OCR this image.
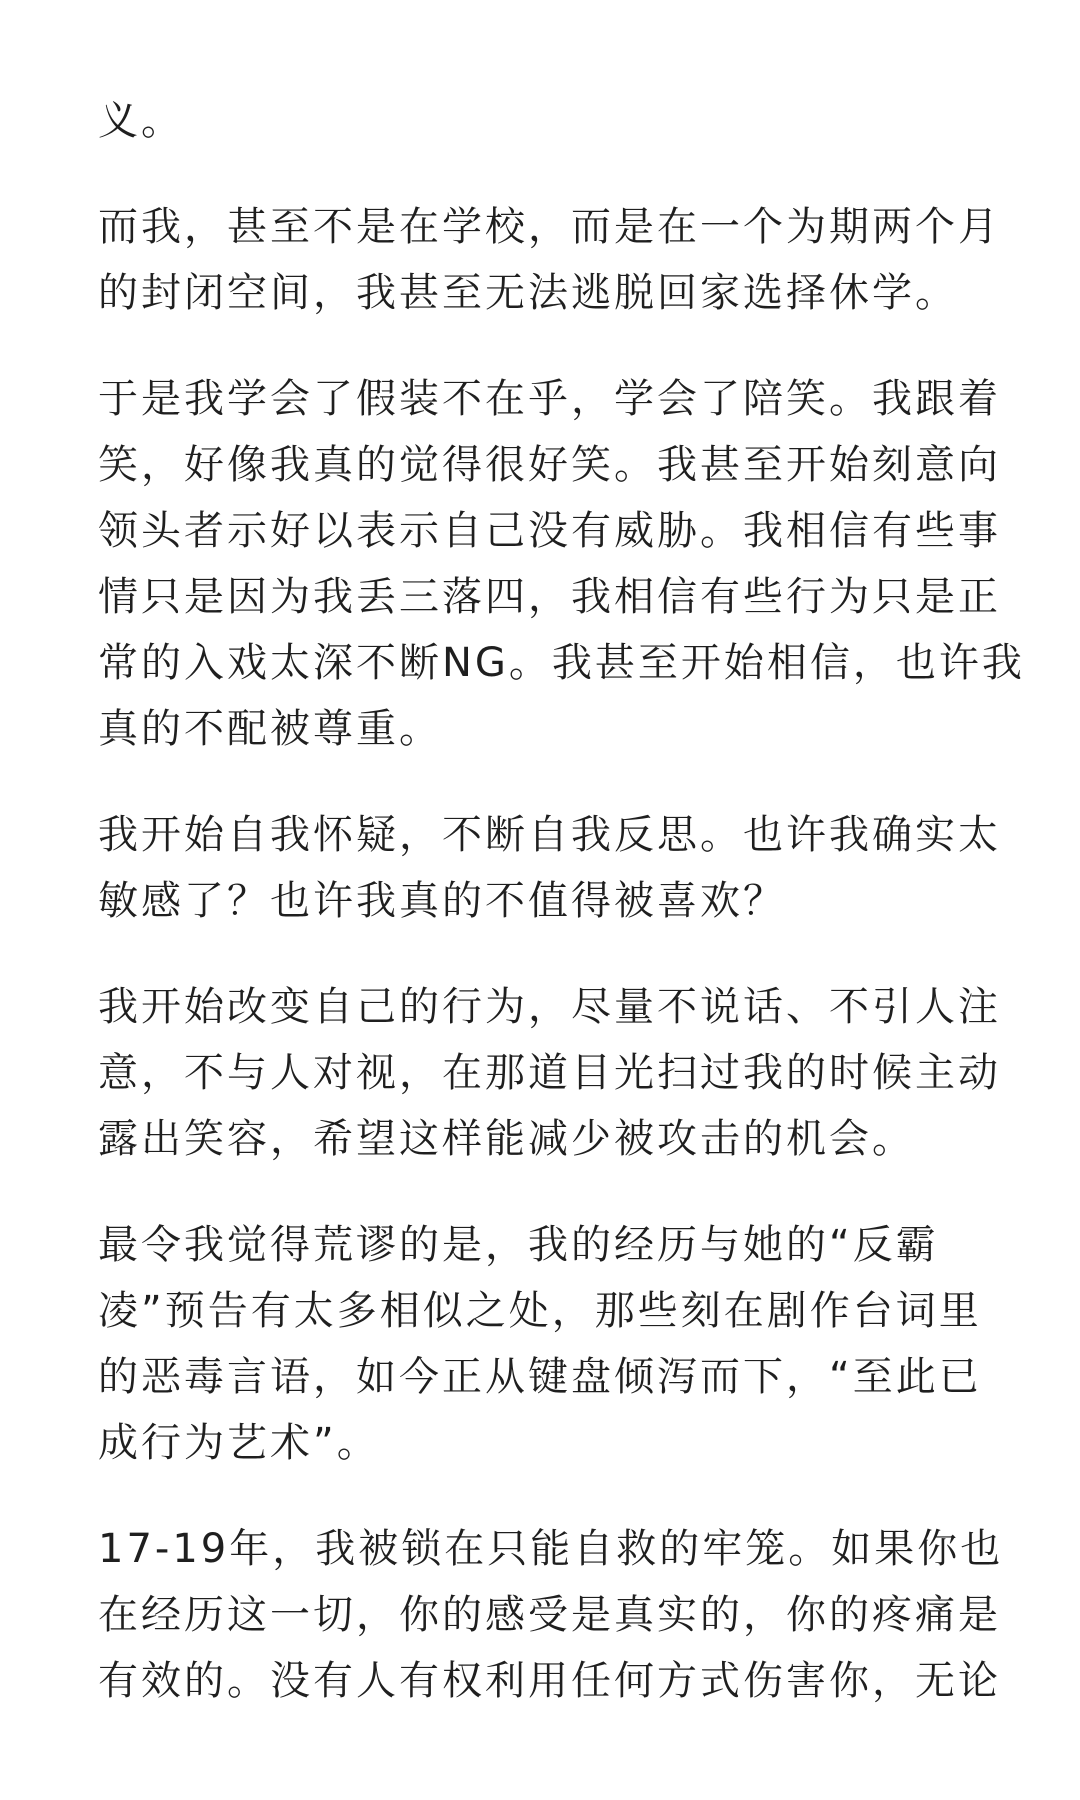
义。

而我，甚至不是在学校，而是在一个为期两个月
的封闭空间，我甚至无法逃脱回家选择休学。

于是我学会了假装不在乎，学会了陪笑。我跟着
笑，好像我真的觉得很好笑。我甚至开始刻意向
领头者示好以表示自己没有威胁。我相信有些事
情只是因为我丢三落四，我相信有些行为只是正
常的入戏太深不断NG。我甚至开始相信，也许我
真的不配被尊重。

我开始自我怀疑，不断自我反思。也许我确实太
敏感了？也许我真的不值得被喜欢？

我开始改变自己的行为，尽量不说话、不引人注
意，不与人对视，在那道目光扫过我的时候主动
露出笑容，希望这样能减少被攻击的机会。

最令我觉得荒谬的是，我的经历与她的“反霸
凌”预告有太多相似之处，那些刻在剧作台词里
的恶毒言语，如今正从键盘倾泻而下，“至此已
成行为艺术”。

17-19年，我被锁在只能自救的牢笼。如果你也
在经历这一切，你的感受是真实的，你的疼痛是
有效的。没有人有权利用任何方式伤害你，无论
